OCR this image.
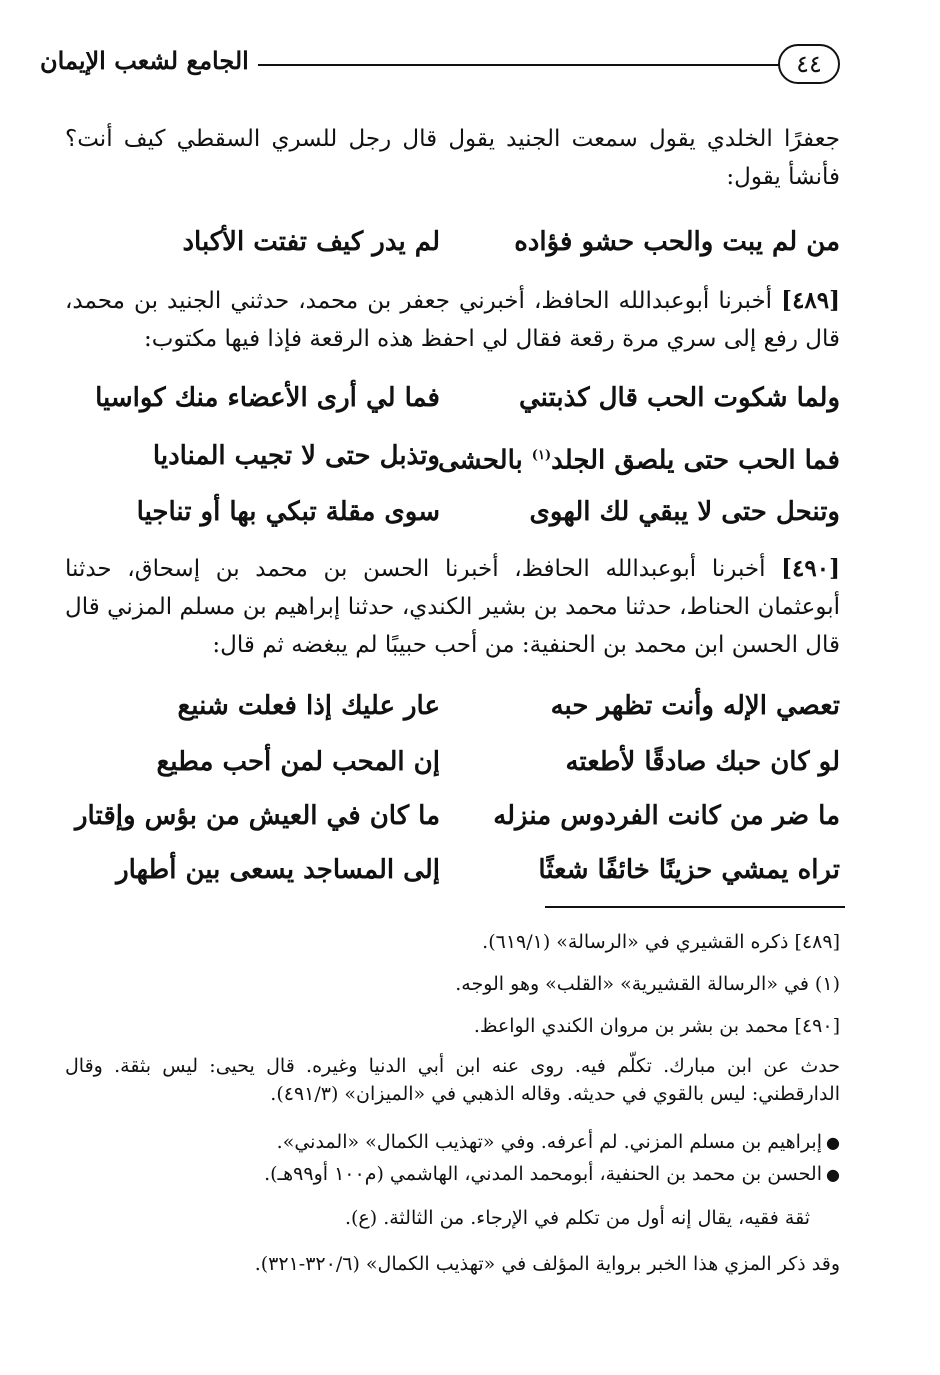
٤٤
الجامع لشعب الإيمان
جعفرًا الخلدي يقول سمعت الجنيد يقول قال رجل للسري السقطي كيف أنت؟ فأنشأ يقول:
من لم يبت والحب حشو فؤاده
لم يدر كيف تفتت الأكباد
[٤٨٩] أخبرنا أبوعبدالله الحافظ، أخبرني جعفر بن محمد، حدثني الجنيد بن محمد، قال رفع إلى سري مرة رقعة فقال لي احفظ هذه الرقعة فإذا فيها مكتوب:
ولما شكوت الحب قال كذبتني
فما لي أرى الأعضاء منك كواسيا
فما الحب حتى يلصق الجلد$^{(١)}$ بالحشى
وتذبل حتى لا تجيب المناديا
وتنحل حتى لا يبقي لك الهوى
سوى مقلة تبكي بها أو تناجيا
[٤٩٠] أخبرنا أبوعبدالله الحافظ، أخبرنا الحسن بن محمد بن إسحاق، حدثنا أبوعثمان الحناط، حدثنا محمد بن بشير الكندي، حدثنا إبراهيم بن مسلم المزني قال قال الحسن ابن محمد بن الحنفية: من أحب حبيبًا لم يبغضه ثم قال:
تعصي الإله وأنت تظهر حبه
عار عليك إذا فعلت شنيع
لو كان حبك صادقًا لأطعته
إن المحب لمن أحب مطيع
ما ضر من كانت الفردوس منزله
ما كان في العيش من بؤس وإقتار
تراه يمشي حزينًا خائفًا شعثًا
إلى المساجد يسعى بين أطهار
[٤٨٩] ذكره القشيري في «الرسالة» (٦١٩/١).
(١) في «الرسالة القشيرية» «القلب» وهو الوجه.
[٤٩٠] محمد بن بشر بن مروان الكندي الواعظ.
حدث عن ابن مبارك. تكلّم فيه. روى عنه ابن أبي الدنيا وغيره. قال يحيى: ليس بثقة. وقال الدارقطني: ليس بالقوي في حديثه. وقاله الذهبي في «الميزان» (٤٩١/٣).
●إبراهيم بن مسلم المزني. لم أعرفه. وفي «تهذيب الكمال» «المدني».
●الحسن بن محمد بن الحنفية، أبومحمد المدني، الهاشمي (م١٠٠ أو٩٩هـ).
ثقة فقيه، يقال إنه أول من تكلم في الإرجاء. من الثالثة. (ع).
وقد ذكر المزي هذا الخبر برواية المؤلف في «تهذيب الكمال» (٣٢٠/٦-٣٢١).
